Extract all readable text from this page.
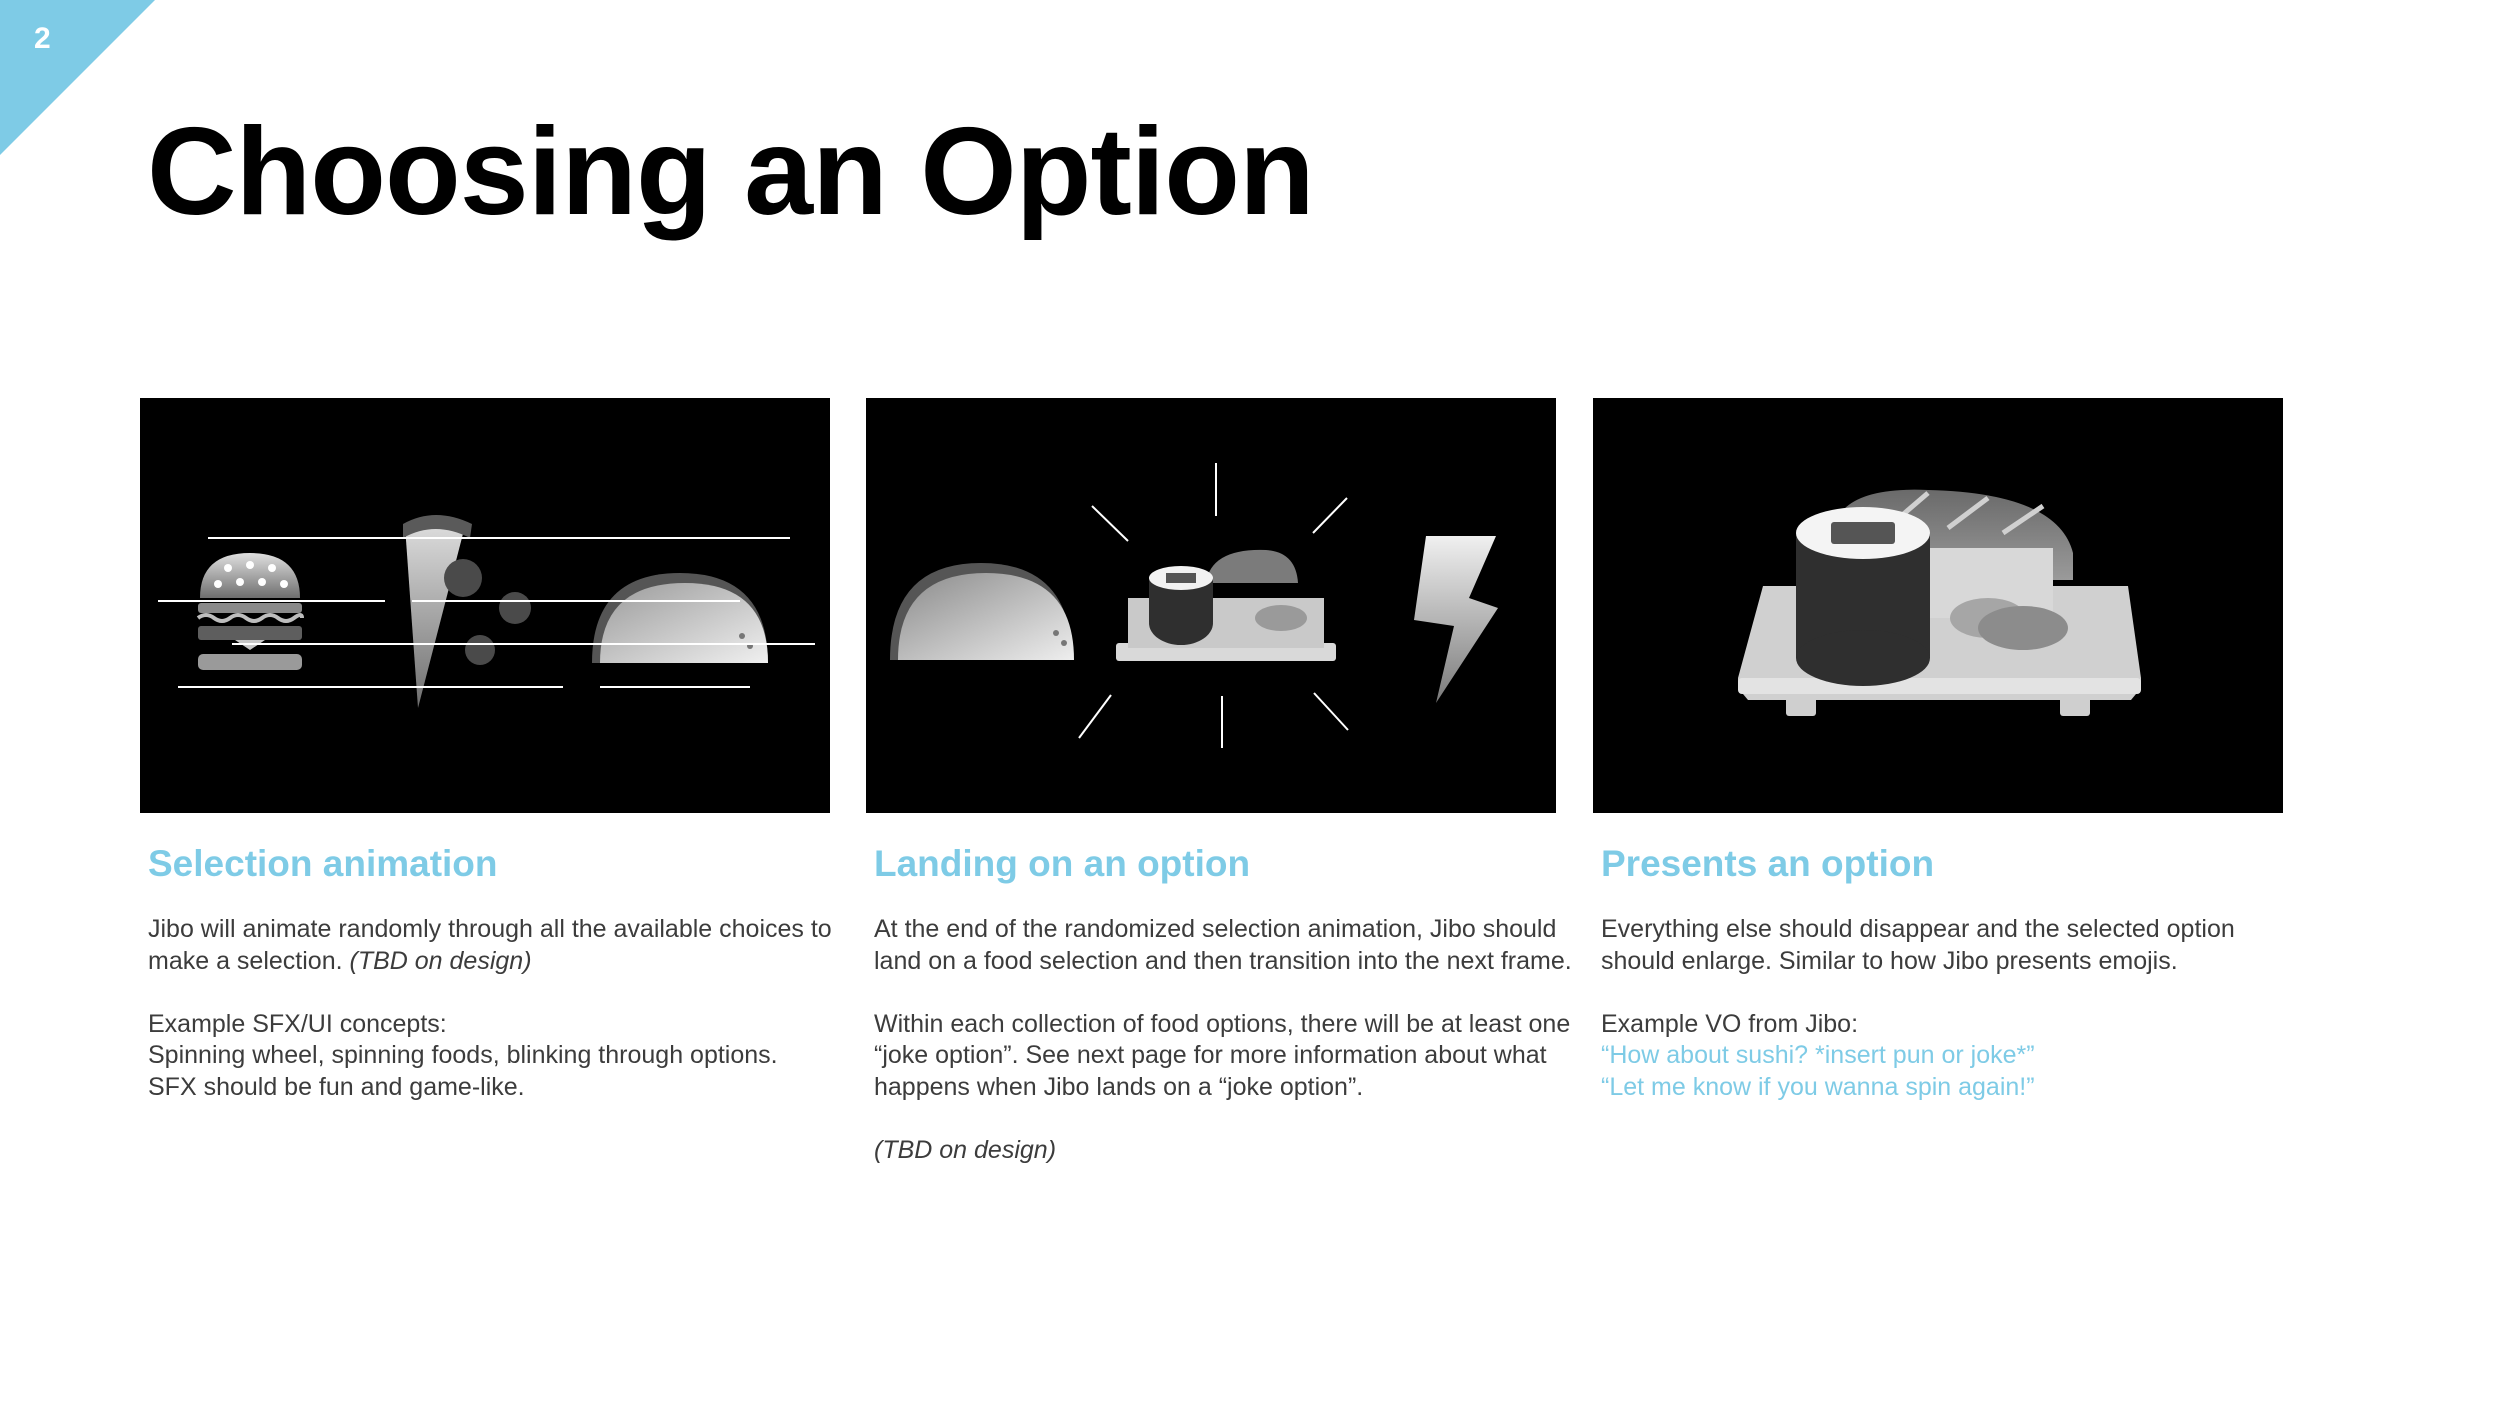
2
Choosing an Option
Selection animation

Jibo will animate randomly through all the available choices to make a selection. (TBD on design)

Example SFX/UI concepts:

Spinning wheel, spinning foods, blinking through options.

SFX should be fun and game-like.

Landing on an option

At the end of the randomized selection animation, Jibo should land on a food selection and then transition into the next frame.

Within each collection of food options, there will be at least one “joke option”. See next page for more information about what happens when Jibo lands on a “joke option”.

(TBD on design)

Presents an option

Everything else should disappear and the selected option should enlarge. Similar to how Jibo presents emojis.

Example VO from Jibo:

“How about sushi? *insert pun or joke*”

“Let me know if you wanna spin again!”
